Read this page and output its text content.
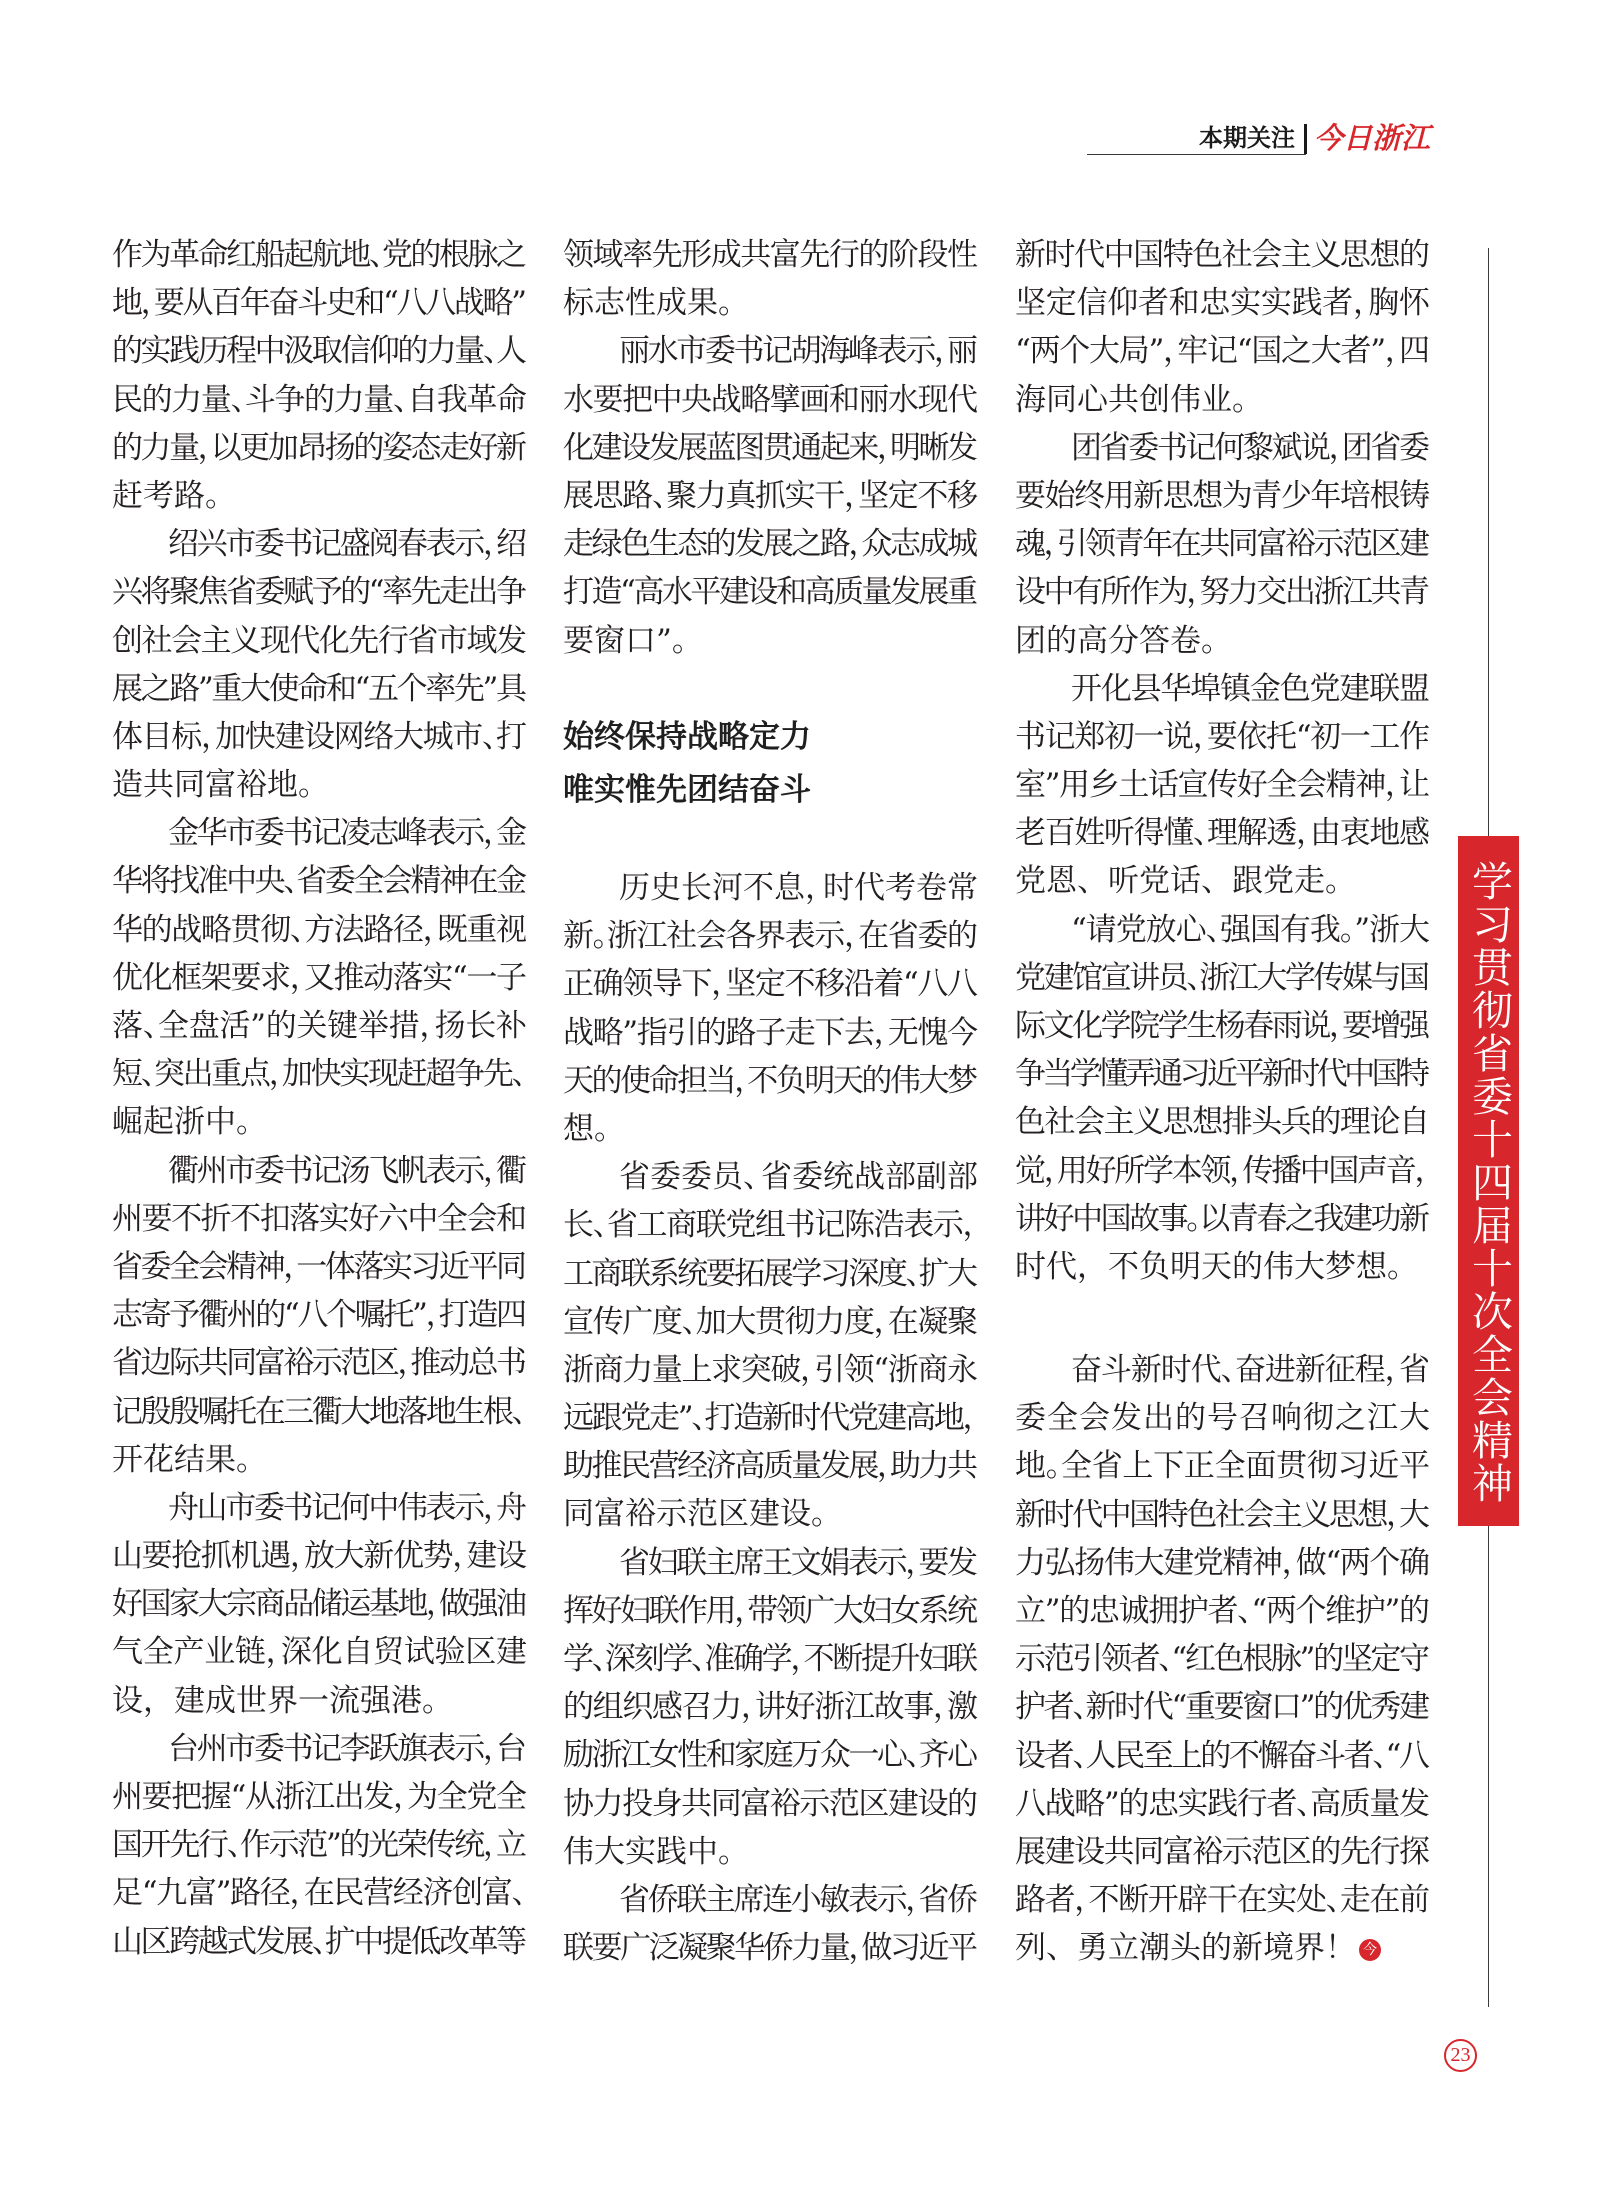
本期关注 今日浙江
学习贯彻省委十四届十次全会精神
作为革命红船起航地、党的根脉之
地，要从百年奋斗史和“八八战略”
的实践历程中汲取信仰的力量、人
民的力量、斗争的力量、自我革命
的力量，以更加昂扬的姿态走好新
赶考路。
绍兴市委书记盛阅春表示，绍
兴将聚焦省委赋予的“率先走出争
创社会主义现代化先行省市域发
展之路”重大使命和“五个率先”具
体目标，加快建设网络大城市、打
造共同富裕地。
金华市委书记凌志峰表示，金
华将找准中央、省委全会精神在金
华的战略贯彻、方法路径，既重视
优化框架要求，又推动落实“一子
落、全盘活”的关键举措，扬长补
短、突出重点，加快实现赶超争先、
崛起浙中。
衢州市委书记汤飞帆表示，衢
州要不折不扣落实好六中全会和
省委全会精神，一体落实习近平同
志寄予衢州的“八个嘱托”，打造四
省边际共同富裕示范区，推动总书
记殷殷嘱托在三衢大地落地生根、
开花结果。
舟山市委书记何中伟表示，舟
山要抢抓机遇，放大新优势，建设
好国家大宗商品储运基地，做强油
气全产业链，深化自贸试验区建
设，建成世界一流强港。
台州市委书记李跃旗表示，台
州要把握“从浙江出发，为全党全
国开先行、作示范”的光荣传统，立
足“九富”路径，在民营经济创富、
山区跨越式发展、扩中提低改革等
领域率先形成共富先行的阶段性
标志性成果。
丽水市委书记胡海峰表示，丽
水要把中央战略擘画和丽水现代
化建设发展蓝图贯通起来，明晰发
展思路、聚力真抓实干，坚定不移
走绿色生态的发展之路，众志成城
打造“高水平建设和高质量发展重
要窗口”。
始终保持战略定力
唯实惟先团结奋斗
历史长河不息，时代考卷常
新。浙江社会各界表示，在省委的
正确领导下，坚定不移沿着“八八
战略”指引的路子走下去，无愧今
天的使命担当，不负明天的伟大梦
想。
省委委员、省委统战部副部
长、省工商联党组书记陈浩表示，
工商联系统要拓展学习深度、扩大
宣传广度、加大贯彻力度，在凝聚
浙商力量上求突破，引领“浙商永
远跟党走”、打造新时代党建高地，
助推民营经济高质量发展，助力共
同富裕示范区建设。
省妇联主席王文娟表示，要发
挥好妇联作用，带领广大妇女系统
学、深刻学、准确学，不断提升妇联
的组织感召力，讲好浙江故事，激
励浙江女性和家庭万众一心、齐心
协力投身共同富裕示范区建设的
伟大实践中。
省侨联主席连小敏表示，省侨
联要广泛凝聚华侨力量，做习近平
新时代中国特色社会主义思想的
坚定信仰者和忠实实践者，胸怀
“两个大局”，牢记“国之大者”，四
海同心共创伟业。
团省委书记何黎斌说，团省委
要始终用新思想为青少年培根铸
魂，引领青年在共同富裕示范区建
设中有所作为，努力交出浙江共青
团的高分答卷。
开化县华埠镇金色党建联盟
书记郑初一说，要依托“初一工作
室”用乡土话宣传好全会精神，让
老百姓听得懂、理解透，由衷地感
党恩、听党话、跟党走。
“请党放心、强国有我。”浙大
党建馆宣讲员、浙江大学传媒与国
际文化学院学生杨春雨说，要增强
争当学懂弄通习近平新时代中国特
色社会主义思想排头兵的理论自
觉，用好所学本领，传播中国声音，
讲好中国故事。以青春之我建功新
时代，不负明天的伟大梦想。
奋斗新时代、奋进新征程，省
委全会发出的号召响彻之江大
地。全省上下正全面贯彻习近平
新时代中国特色社会主义思想，大
力弘扬伟大建党精神，做“两个确
立”的忠诚拥护者、“两个维护”的
示范引领者、“红色根脉”的坚定守
护者、新时代“重要窗口”的优秀建
设者、人民至上的不懈奋斗者、“八
八战略”的忠实践行者、高质量发
展建设共同富裕示范区的先行探
路者，不断开辟干在实处、走在前
列、勇立潮头的新境界！ 今
23
